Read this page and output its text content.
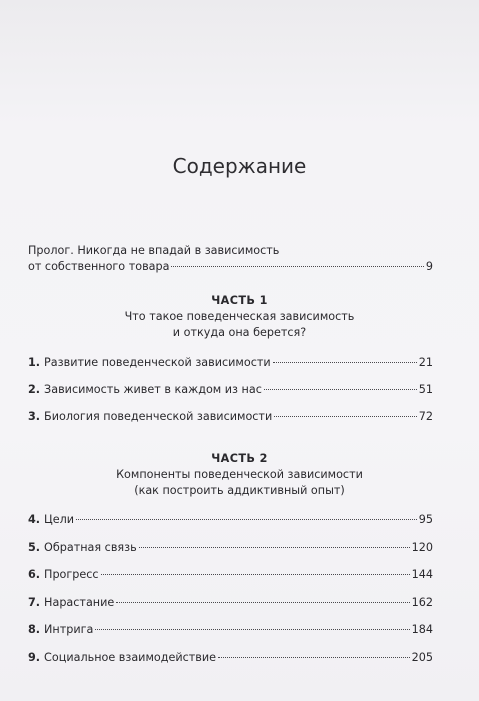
Содержание
Пролог. Никогда не впадай в зависимость
от собственного товара	9
ЧАСТЬ 1
Что такое поведенческая зависимость
и откуда она берется?
1. Развитие поведенческой зависимости	21
2. Зависимость живет в каждом из нас	51
3. Биология поведенческой зависимости	72
ЧАСТЬ 2
Компоненты поведенческой зависимости
(как построить аддиктивный опыт)
4. Цели	95
5. Обратная связь	120
6. Прогресс	144
7. Нарастание	162
8. Интрига	184
9. Социальное взаимодействие	205
